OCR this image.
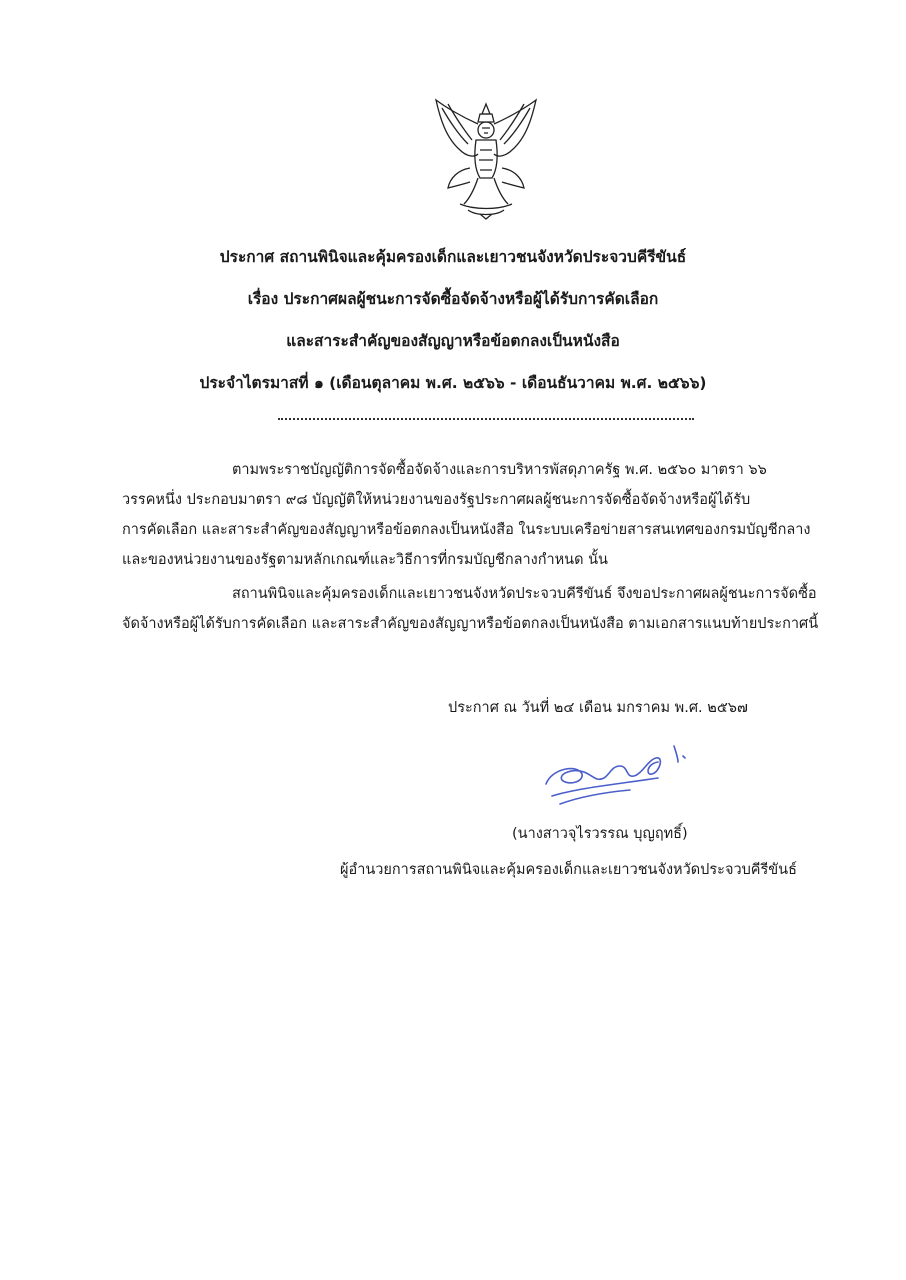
ประกาศ สถานพินิจและคุ้มครองเด็กและเยาวชนจังหวัดประจวบคีรีขันธ์
เรื่อง ประกาศผลผู้ชนะการจัดซื้อจัดจ้างหรือผู้ได้รับการคัดเลือก
และสาระสำคัญของสัญญาหรือข้อตกลงเป็นหนังสือ
ประจำไตรมาสที่ ๑ (เดือนตุลาคม พ.ศ. ๒๕๖๖ - เดือนธันวาคม พ.ศ. ๒๕๖๖)
ตามพระราชบัญญัติการจัดซื้อจัดจ้างและการบริหารพัสดุภาครัฐ พ.ศ. ๒๕๖๐ มาตรา ๖๖
วรรคหนึ่ง ประกอบมาตรา ๙๘ บัญญัติให้หน่วยงานของรัฐประกาศผลผู้ชนะการจัดซื้อจัดจ้างหรือผู้ได้รับ
การคัดเลือก และสาระสำคัญของสัญญาหรือข้อตกลงเป็นหนังสือ ในระบบเครือข่ายสารสนเทศของกรมบัญชีกลาง
และของหน่วยงานของรัฐตามหลักเกณฑ์และวิธีการที่กรมบัญชีกลางกำหนด นั้น
สถานพินิจและคุ้มครองเด็กและเยาวชนจังหวัดประจวบคีรีขันธ์ จึงขอประกาศผลผู้ชนะการจัดซื้อ
จัดจ้างหรือผู้ได้รับการคัดเลือก และสาระสำคัญของสัญญาหรือข้อตกลงเป็นหนังสือ ตามเอกสารแนบท้ายประกาศนี้
ประกาศ ณ วันที่ ๒๔ เดือน มกราคม พ.ศ. ๒๕๖๗
(นางสาวจุไรวรรณ บุญฤทธิ์)
ผู้อำนวยการสถานพินิจและคุ้มครองเด็กและเยาวชนจังหวัดประจวบคีรีขันธ์
